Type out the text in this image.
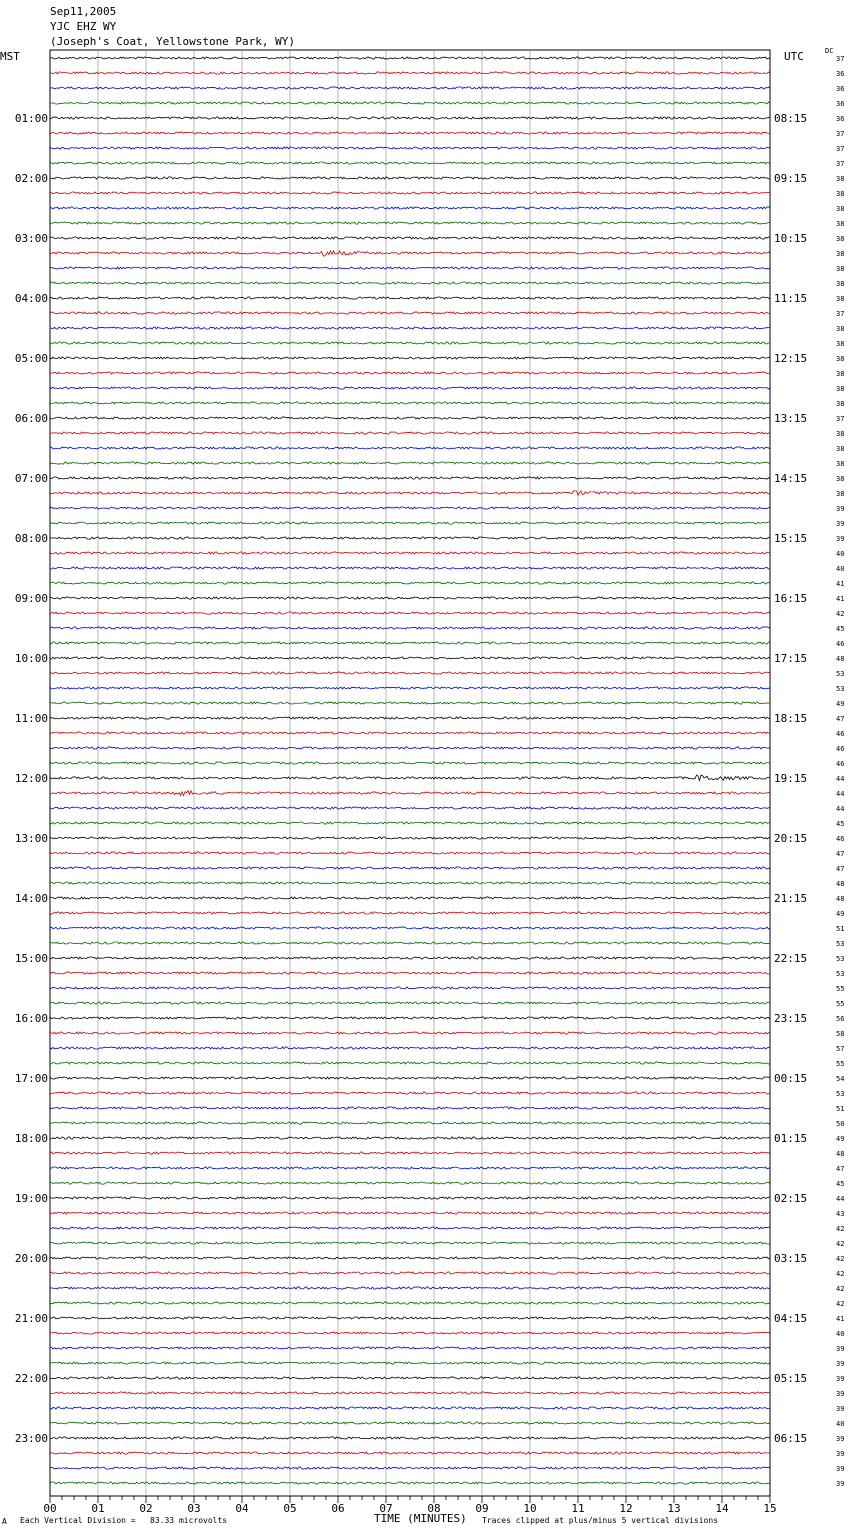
Sep11,2005
YJC EHZ WY
(Joseph's Coat, Yellowstone Park, WY)
MST	UTC	DC
37
36
36
36
36
37
37
37
38
38
38
38
38
38
38
38
38
37
38
38
38
38
38
38
37
38
38
38
38
38
39
39
39
40
40
41
41
42
45
46
48
53
53
49
47
46
46
46
44
44
44
45
46
47
47
48
48
49
51
53
53
53
55
55
56
58
57
55
54
53
51
50
49
48
47
45
44
43
42
42
42
42
42
42
41
40
39
39
39
39
39
40
39
39
39
39
01:00
02:00
03:00
04:00
05:00
06:00
07:00
08:00
09:00
10:00
11:00
12:00
13:00
14:00
15:00
16:00
17:00
18:00
19:00
20:00
21:00
22:00
23:00
08:15
09:15
10:15
11:15
12:15
13:15
14:15
15:15
16:15
17:15
18:15
19:15
20:15
21:15
22:15
23:15
00:15
01:15
02:15
03:15
04:15
05:15
06:15
00	01	02	03	04	05	06	07	08	09	10	11	12	13	14	15
A Each Vertical Division =   83.33 microvolts	TIME (MINUTES) Traces clipped at plus/minus 5 vertical divisions
